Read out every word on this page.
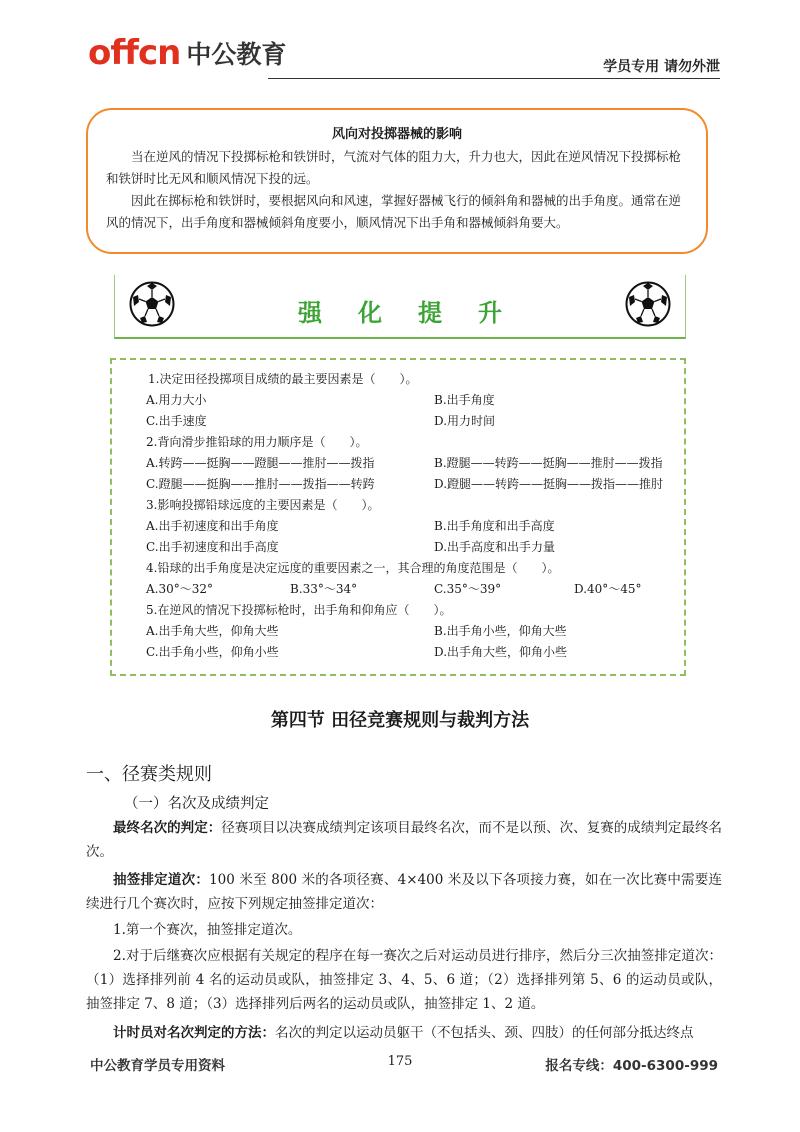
offcn 中公教育	学员专用 请勿外泄
风向对投掷器械的影响

当在逆风的情况下投掷标枪和铁饼时，气流对气体的阻力大，升力也大，因此在逆风情况下投掷标枪和铁饼时比无风和顺风情况下投的远。

因此在掷标枪和铁饼时，要根据风向和风速，掌握好器械飞行的倾斜角和器械的出手角度。通常在逆风的情况下，出手角度和器械倾斜角度要小，顺风情况下出手角和器械倾斜角要大。

强化提升
1.决定田径投掷项目成绩的最主要因素是（　　）。
A.用力大小	B.出手角度
C.出手速度	D.用力时间
2.背向滑步推铅球的用力顺序是（　　）。
A.转跨——挺胸——蹬腿——推肘——拨指	B.蹬腿——转跨——挺胸——推肘——拨指
C.蹬腿——挺胸——推肘——拨指——转跨	D.蹬腿——转跨——挺胸——拨指——推肘
3.影响投掷铅球远度的主要因素是（　　）。
A.出手初速度和出手角度	B.出手角度和出手高度
C.出手初速度和出手高度	D.出手高度和出手力量
4.铅球的出手角度是决定远度的重要因素之一，其合理的角度范围是（　　）。
A.30°～32°	B.33°～34°	C.35°～39°	D.40°～45°
5.在逆风的情况下投掷标枪时，出手角和仰角应（　　）。
A.出手角大些，仰角大些	B.出手角小些，仰角大些
C.出手角小些，仰角小些	D.出手角大些，仰角小些
第四节 田径竞赛规则与裁判方法
一、径赛类规则
（一）名次及成绩判定
最终名次的判定：径赛项目以决赛成绩判定该项目最终名次，而不是以预、次、复赛的成绩判定最终名次。
抽签排定道次：100 米至 800 米的各项径赛、4×400 米及以下各项接力赛，如在一次比赛中需要连续进行几个赛次时，应按下列规定抽签排定道次：
1.第一个赛次，抽签排定道次。
2.对于后继赛次应根据有关规定的程序在每一赛次之后对运动员进行排序，然后分三次抽签排定道次：（1）选择排列前 4 名的运动员或队，抽签排定 3、4、5、6 道；（2）选择排列第 5、6 的运动员或队，抽签排定 7、8 道；（3）选择排列后两名的运动员或队，抽签排定 1、2 道。
计时员对名次判定的方法：名次的判定以运动员躯干（不包括头、颈、四肢）的任何部分抵达终点
中公教育学员专用资料	175	报名专线：400-6300-999
